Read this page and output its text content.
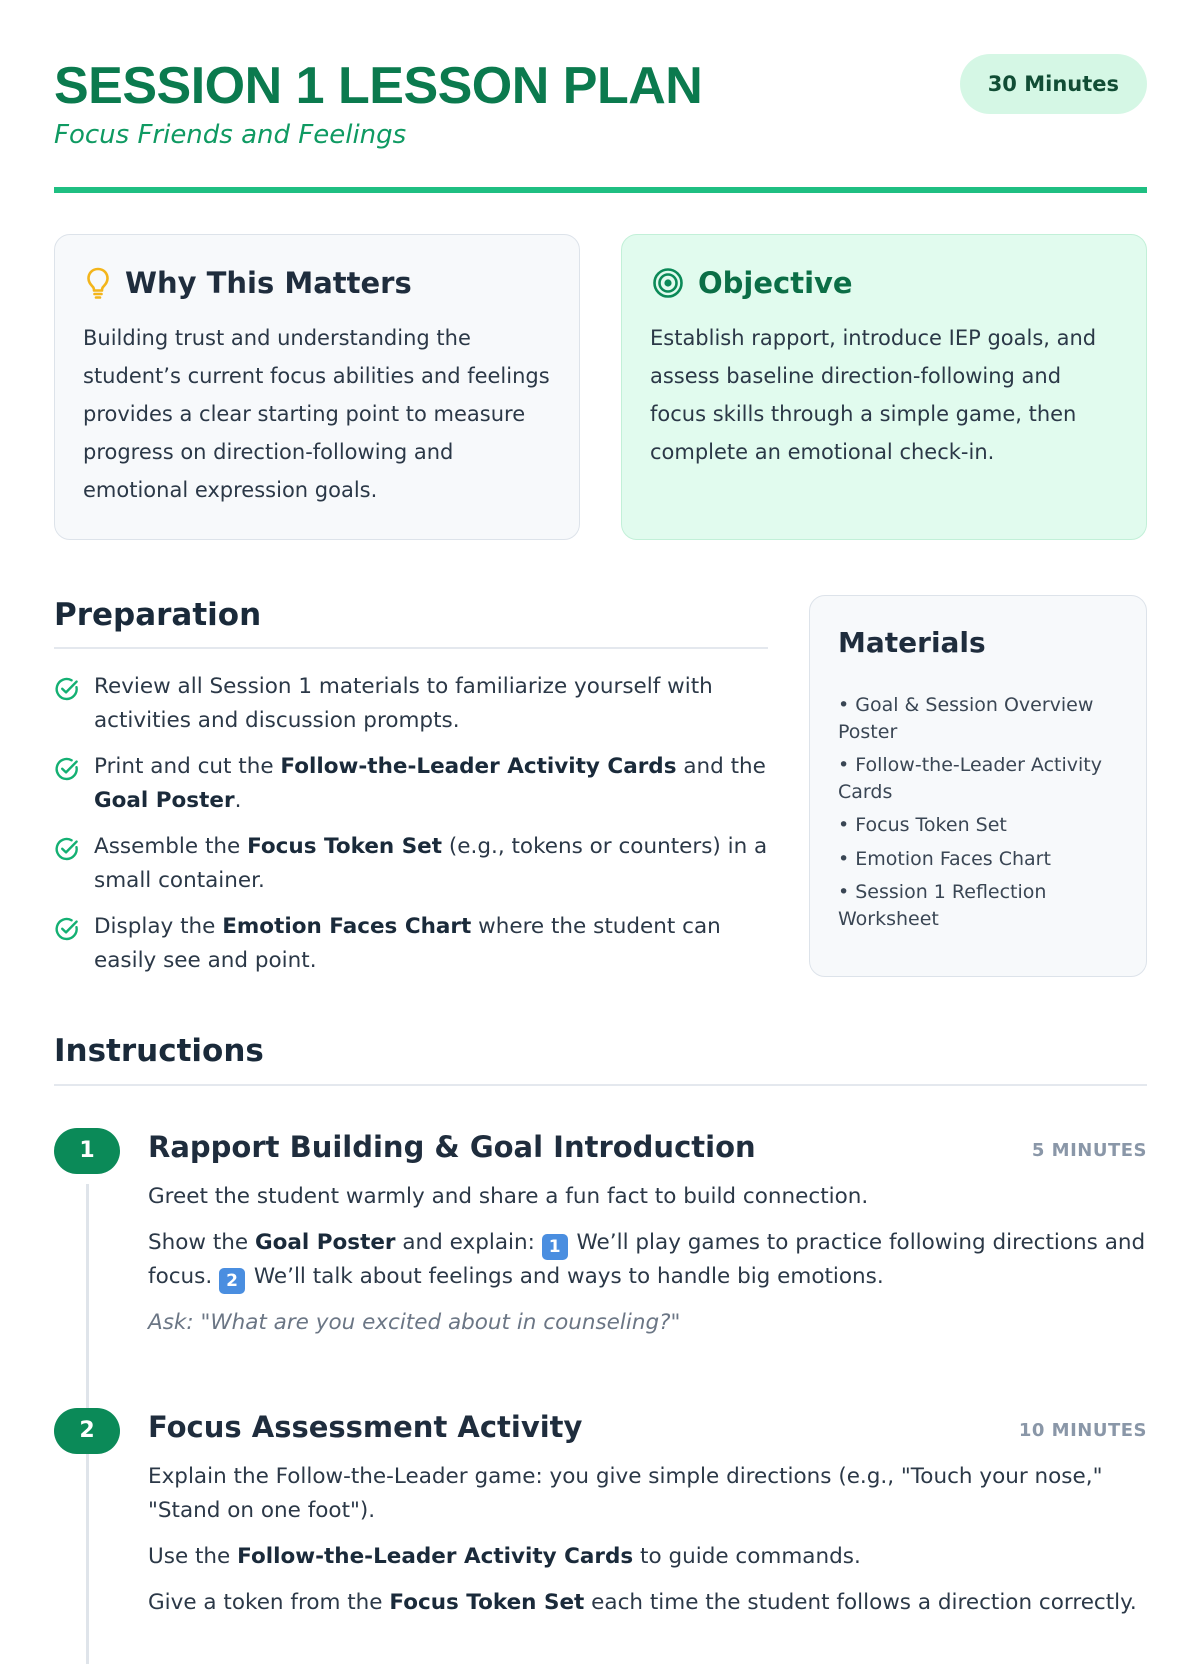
SESSION 1 LESSON PLAN
Focus Friends and Feelings
30 Minutes
Why This Matters
Building trust and understanding the student’s current focus abilities and feelings provides a clear starting point to measure progress on direction-following and emotional expression goals.
Objective
Establish rapport, introduce IEP goals, and assess baseline direction-following and focus skills through a simple game, then complete an emotional check-in.
Preparation
Review all Session 1 materials to familiarize yourself with activities and discussion prompts.
Print and cut the Follow-the-Leader Activity Cards and the Goal Poster.
Assemble the Focus Token Set (e.g., tokens or counters) in a small container.
Display the Emotion Faces Chart where the student can easily see and point.
Materials
• Goal & Session Overview Poster
• Follow-the-Leader Activity Cards
• Focus Token Set
• Emotion Faces Chart
• Session 1 Reflection Worksheet
Instructions
1	Rapport Building & Goal Introduction	5 MINUTES

Greet the student warmly and share a fun fact to build connection.

Show the Goal Poster and explain: 1 We’ll play games to practice following directions and focus. 2 We’ll talk about feelings and ways to handle big emotions.

Ask: "What are you excited about in counseling?"

2	Focus Assessment Activity	10 MINUTES

Explain the Follow-the-Leader game: you give simple directions (e.g., "Touch your nose," "Stand on one foot").

Use the Follow-the-Leader Activity Cards to guide commands.

Give a token from the Focus Token Set each time the student follows a direction correctly.
